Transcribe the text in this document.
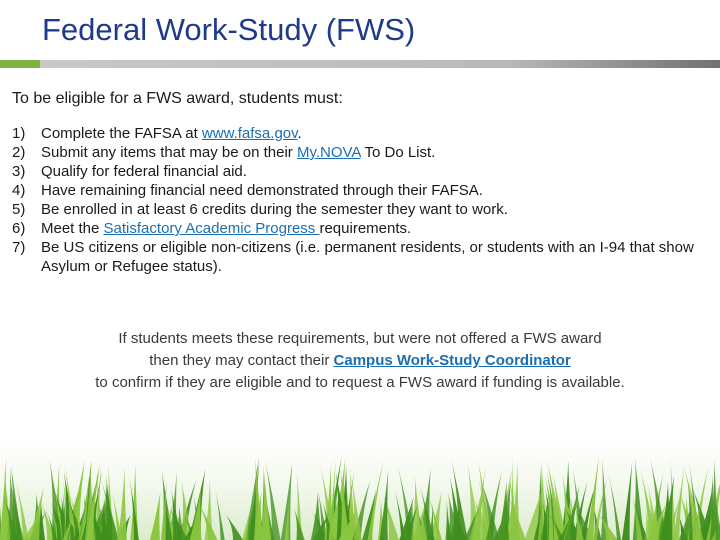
Federal Work-Study (FWS)
To be eligible for a FWS award, students must:
1) Complete the FAFSA at www.fafsa.gov.
2) Submit any items that may be on their My.NOVA To Do List.
3) Qualify for federal financial aid.
4) Have remaining financial need demonstrated through their FAFSA.
5) Be enrolled in at least 6 credits during the semester they want to work.
6) Meet the Satisfactory Academic Progress requirements.
7) Be US citizens or eligible non-citizens (i.e. permanent residents, or students with an I-94 that show Asylum or Refugee status).
If students meets these requirements, but were not offered a FWS award
then they may contact their Campus Work-Study Coordinator
to confirm if they are eligible and to request a FWS award if funding is available.
